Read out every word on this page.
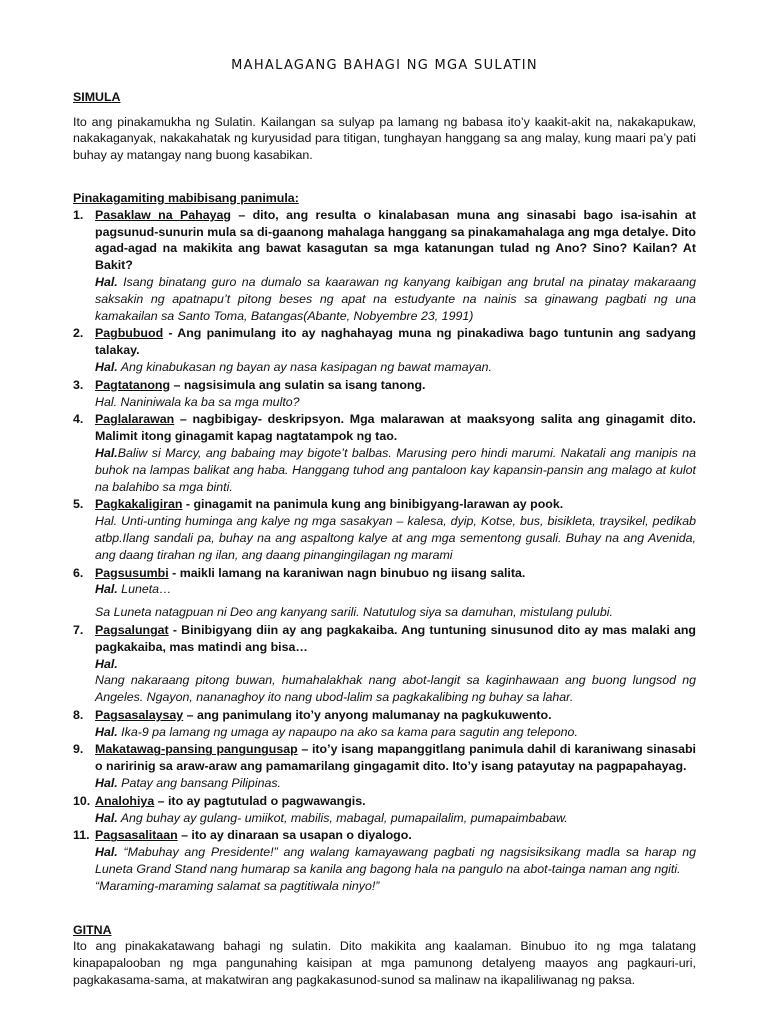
MAHALAGANG BAHAGI NG MGA SULATIN

SIMULA

Ito ang pinakamukha ng Sulatin. Kailangan sa sulyap pa lamang ng babasa ito’y kaakit-akit na, nakakapukaw, nakakaganyak, nakakahatak ng kuryusidad para titigan, tunghayan hanggang sa ang malay, kung maari pa’y pati buhay ay matangay nang buong kasabikan.

Pinakagamiting mabibisang panimula:

1. Pasaklaw na Pahayag – dito, ang resulta o kinalabasan muna ang sinasabi bago isa-isahin at pagsunud-sunurin mula sa di-gaanong mahalaga hanggang sa pinakamahalaga ang mga detalye. Dito agad-agad na makikita ang bawat kasagutan sa mga katanungan tulad ng Ano? Sino? Kailan? At Bakit?
Hal. Isang binatang guro na dumalo sa kaarawan ng kanyang kaibigan ang brutal na pinatay makaraang saksakin ng apatnapu’t pitong beses ng apat na estudyante na nainis sa ginawang pagbati ng una kamakailan sa Santo Toma, Batangas(Abante, Nobyembre 23, 1991)
2. Pagbubuod - Ang panimulang ito ay naghahayag muna ng pinakadiwa bago tuntunin ang sadyang talakay.
Hal. Ang kinabukasan ng bayan ay nasa kasipagan ng bawat mamayan.
3. Pagtatanong – nagsisimula ang sulatin sa isang tanong.
Hal. Naniniwala ka ba sa mga multo?
4. Paglalarawan – nagbibigay- deskripsyon. Mga malarawan at maaksyong salita ang ginagamit dito. Malimit itong ginagamit kapag nagtatampok ng tao.
Hal.Baliw si Marcy, ang babaing may bigote’t balbas. Marusing pero hindi marumi. Nakatali ang manipis na buhok na lampas balikat ang haba. Hanggang tuhod ang pantaloon kay kapansin-pansin ang malago at kulot na balahibo sa mga binti.
5. Pagkakaligiran - ginagamit na panimula kung ang binibigyang-larawan ay pook.
Hal. Unti-unting huminga ang kalye ng mga sasakyan – kalesa, dyip, Kotse, bus, bisikleta, traysikel, pedikab atbp.Ilang sandali pa, buhay na ang aspaltong kalye at ang mga sementong gusali. Buhay na ang Avenida, ang daang tirahan ng ilan, ang daang pinangingilagan ng marami
6. Pagsusumbi - maikli lamang na karaniwan nagn binubuo ng iisang salita.
Hal. Luneta…
Sa Luneta natagpuan ni Deo ang kanyang sarili. Natutulog siya sa damuhan, mistulang pulubi.
7. Pagsalungat - Binibigyang diin ay ang pagkakaiba. Ang tuntuning sinusunod dito ay mas malaki ang pagkakaiba, mas matindi ang bisa…
Hal.
Nang nakaraang pitong buwan, humahalakhak nang abot-langit sa kaginhawaan ang buong lungsod ng Angeles. Ngayon, nananaghoy ito nang ubod-lalim sa pagkakalibing ng buhay sa lahar.
8. Pagsasalaysay – ang panimulang ito’y anyong malumanay na pagkukuwento.
Hal. Ika-9 pa lamang ng umaga ay napaupo na ako sa kama para sagutin ang telepono.
9. Makatawag-pansing pangungusap – ito’y isang mapanggitlang panimula dahil di karaniwang sinasabi o naririnig sa araw-araw ang pamamarilang gingagamit dito. Ito’y isang patayutay na pagpapahayag.
Hal. Patay ang bansang Pilipinas.
10. Analohiya – ito ay pagtutulad o pagwawangis.
Hal. Ang buhay ay gulang- umiikot, mabilis, mabagal, pumapailalim, pumapaimbabaw.
11. Pagsasalitaan – ito ay dinaraan sa usapan o diyalogo.
Hal. “Mabuhay ang Presidente!” ang walang kamayawang pagbati ng nagsisiksikang madla sa harap ng Luneta Grand Stand nang humarap sa kanila ang bagong hala na pangulo na abot-tainga naman ang ngiti.
“Maraming-maraming salamat sa pagtitiwala ninyo!”

GITNA

Ito ang pinakakatawang bahagi ng sulatin. Dito makikita ang kaalaman. Binubuo ito ng mga talatang kinapapalooban ng mga pangunahing kaisipan at mga pamunong detalyeng maayos ang pagkauri-uri, pagkakasama-sama, at makatwiran ang pagkakasunod-sunod sa malinaw na ikapaliliwanag ng paksa.
